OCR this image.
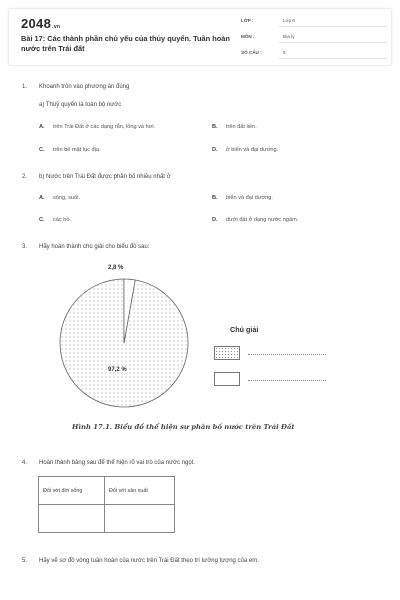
2048.vn
Bài 17: Các thành phần chủ yếu của thủy quyển. Tuần hoàn nước trên Trái đất
LỚP :	Lớp 6
MÔN :	Địa lý
SỐ CÂU :	5
1. Khoanh tròn vào phương án đúng
a) Thuỷ quyển là toàn bộ nước
A. trên Trái Đất ở các dạng rắn, lỏng và hơi.	B. trên đất liền.
C. trên bề mặt lục địa.	D. ở biển và đại dương.
2. b) Nước trên Trái Đất được phân bố nhiều nhất ở
A. sông, suối.	B. biển và đại dương.
C. các hồ.	D. dưới đất ở dạng nước ngầm.
3. Hãy hoàn thành chú giải cho biểu đồ sau:
2,8 %
97,2 %
Chú giải
Hình 17.1. Biểu đồ thể hiện sự phân bố nước trên Trái Đất
4. Hoàn thành bảng sau để thể hiện rõ vai trò của nước ngọt.
Đối với đời sống	Đối với sản xuất

5. Hãy vẽ sơ đồ vòng tuần hoàn của nước trên Trái Đất theo trí tưởng tượng của em.
